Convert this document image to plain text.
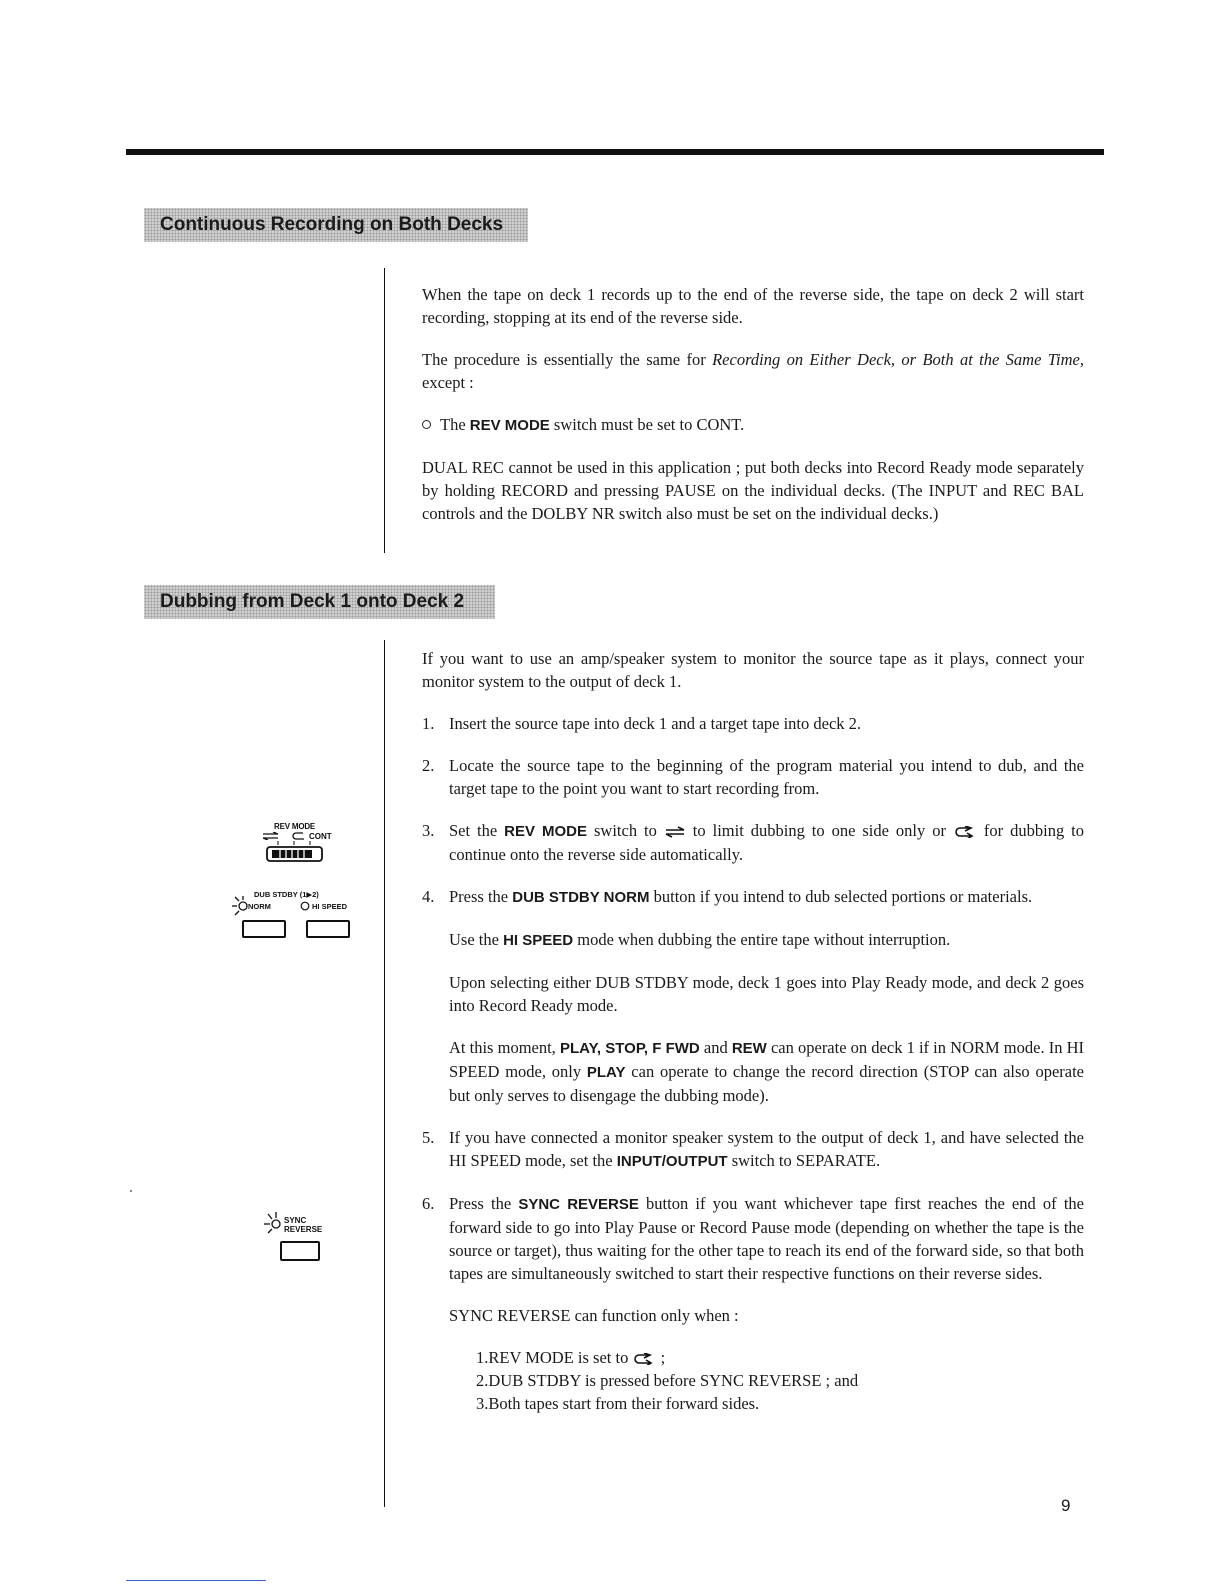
Continuous Recording on Both Decks

When the tape on deck 1 records up to the end of the reverse side, the tape on deck 2 will start recording, stopping at its end of the reverse side.

The procedure is essentially the same for Recording on Either Deck, or Both at the Same Time, except :

The REV MODE switch must be set to CONT.

DUAL REC cannot be used in this application ; put both decks into Record Ready mode separately by holding RECORD and pressing PAUSE on the individual decks. (The INPUT and REC BAL controls and the DOLBY NR switch also must be set on the individual decks.)

Dubbing from Deck 1 onto Deck 2

If you want to use an amp/speaker system to monitor the source tape as it plays, connect your monitor system to the output of deck 1.

1. Insert the source tape into deck 1 and a target tape into deck 2.

2. Locate the source tape to the beginning of the program material you intend to dub, and the target tape to the point you want to start recording from.

3. Set the REV MODE switch to  to limit dubbing to one side only or  for dubbing to continue onto the reverse side automatically.

4. Press the DUB STDBY NORM button if you intend to dub selected portions or materials.

Use the HI SPEED mode when dubbing the entire tape without interruption.

Upon selecting either DUB STDBY mode, deck 1 goes into Play Ready mode, and deck 2 goes into Record Ready mode.

At this moment, PLAY, STOP, F FWD and REW can operate on deck 1 if in NORM mode. In HI SPEED mode, only PLAY can operate to change the record direction (STOP can also operate but only serves to disengage the dubbing mode).

5. If you have connected a monitor speaker system to the output of deck 1, and have selected the HI SPEED mode, set the INPUT/OUTPUT switch to SEPARATE.

6. Press the SYNC REVERSE button if you want whichever tape first reaches the end of the forward side to go into Play Pause or Record Pause mode (depending on whether the tape is the source or target), thus waiting for the other tape to reach its end of the forward side, so that both tapes are simultaneously switched to start their respective functions on their reverse sides.

SYNC REVERSE can function only when :

1.REV MODE is set to  ;
2.DUB STDBY is pressed before SYNC REVERSE ; and
3.Both tapes start from their forward sides.
REV MODE
CONT
DUB STDBY (1▶2)
NORM	HI SPEED
SYNC
REVERSE
9
